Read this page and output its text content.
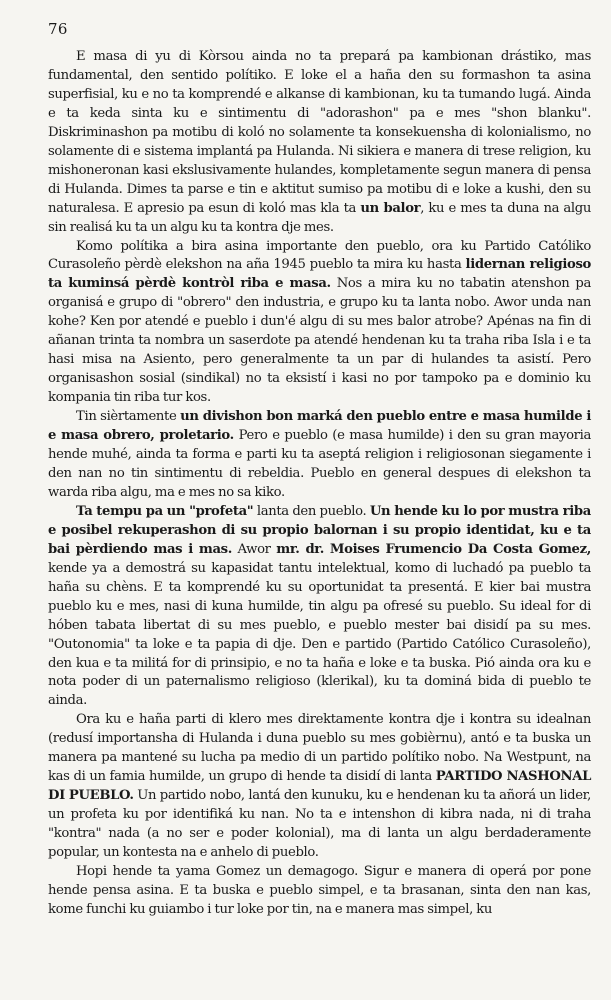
76

E masa di yu di Kòrsou ainda no ta prepará pa kambionan drástiko, mas fundamental, den sentido polítiko. E loke el a haña den su formashon ta asina superfisial, ku e no ta komprendé e alkanse di kambionan, ku ta tumando lugá. Ainda e ta keda sinta ku e sintimentu di "adorashon" pa e mes "shon blanku". Diskriminashon pa motibu di koló no solamente ta konsekuensha di kolonialismo, no solamente di e sistema implantá pa Hulanda. Ni sikiera e manera di trese religion, ku mishoneronan kasi ekslusivamente hulandes, kompletamente segun manera di pensa di Hulanda. Dimes ta parse e tin e aktitut sumiso pa motibu di e loke a kushi, den su naturalesa. E apresio pa esun di koló mas kla ta un balor, ku e mes ta duna na algu sin realisá ku ta un algu ku ta kontra dje mes.

Komo polítika a bira asina importante den pueblo, ora ku Partido Católiko Curasoleño pèrdè elekshon na aña 1945 pueblo ta mira ku hasta lidernan religioso ta kuminsá pèrdè kontròl riba e masa. Nos a mira ku no tabatin atenshon pa organisá e grupo di "obrero" den industria, e grupo ku ta lanta nobo. Awor unda nan kohe? Ken por atendé e pueblo i dun'é algu di su mes balor atrobe? Apénas na fin di añanan trinta ta nombra un saserdote pa atendé hendenan ku ta traha riba Isla i e ta hasi misa na Asiento, pero generalmente ta un par di hulandes ta asistí. Pero organisashon sosial (sindikal) no ta eksistí i kasi no por tampoko pa e dominio ku kompania tin riba tur kos.

Tin sièrtamente un divishon bon marká den pueblo entre e masa humilde i e masa obrero, proletario. Pero e pueblo (e masa humilde) i den su gran mayoria hende muhé, ainda ta forma e parti ku ta aseptá religion i religiosonan siegamente i den nan no tin sintimentu di rebeldia. Pueblo en general despues di elekshon ta warda riba algu, ma e mes no sa kiko.

Ta tempu pa un "profeta" lanta den pueblo. Un hende ku lo por mustra riba e posibel rekuperashon di su propio balornan i su propio identidat, ku e ta bai pèrdiendo mas i mas. Awor mr. dr. Moises Frumencio Da Costa Gomez, kende ya a demostrá su kapasidat tantu intelektual, komo di luchadó pa pueblo ta haña su chèns. E ta komprendé ku su oportunidat ta presentá. E kier bai mustra pueblo ku e mes, nasi di kuna humilde, tin algu pa ofresé su pueblo. Su ideal for di hóben tabata libertat di su mes pueblo, e pueblo mester bai disidí pa su mes. "Outonomia" ta loke e ta papia di dje. Den e partido (Partido Católico Curasoleño), den kua e ta militá for di prinsipio, e no ta haña e loke e ta buska. Pió ainda ora ku e nota poder di un paternalismo religioso (klerikal), ku ta dominá bida di pueblo te ainda.

Ora ku e haña parti di klero mes direktamente kontra dje i kontra su idealnan (redusí importansha di Hulanda i duna pueblo su mes gobièrnu), antó e ta buska un manera pa mantené su lucha pa medio di un partido polítiko nobo. Na Westpunt, na kas di un famia humilde, un grupo di hende ta disidí di lanta PARTIDO NASHONAL DI PUEBLO. Un partido nobo, lantá den kunuku, ku e hendenan ku ta añorá un lider, un profeta ku por identifiká ku nan. No ta e intenshon di kibra nada, ni di traha "kontra" nada (a no ser e poder kolonial), ma di lanta un algu berdaderamente popular, un kontesta na e anhelo di pueblo.

Hopi hende ta yama Gomez un demagogo. Sigur e manera di operá por pone hende pensa asina. E ta buska e pueblo simpel, e ta brasanan, sinta den nan kas, kome funchi ku guiambo i tur loke por tin, na e manera mas simpel, ku
